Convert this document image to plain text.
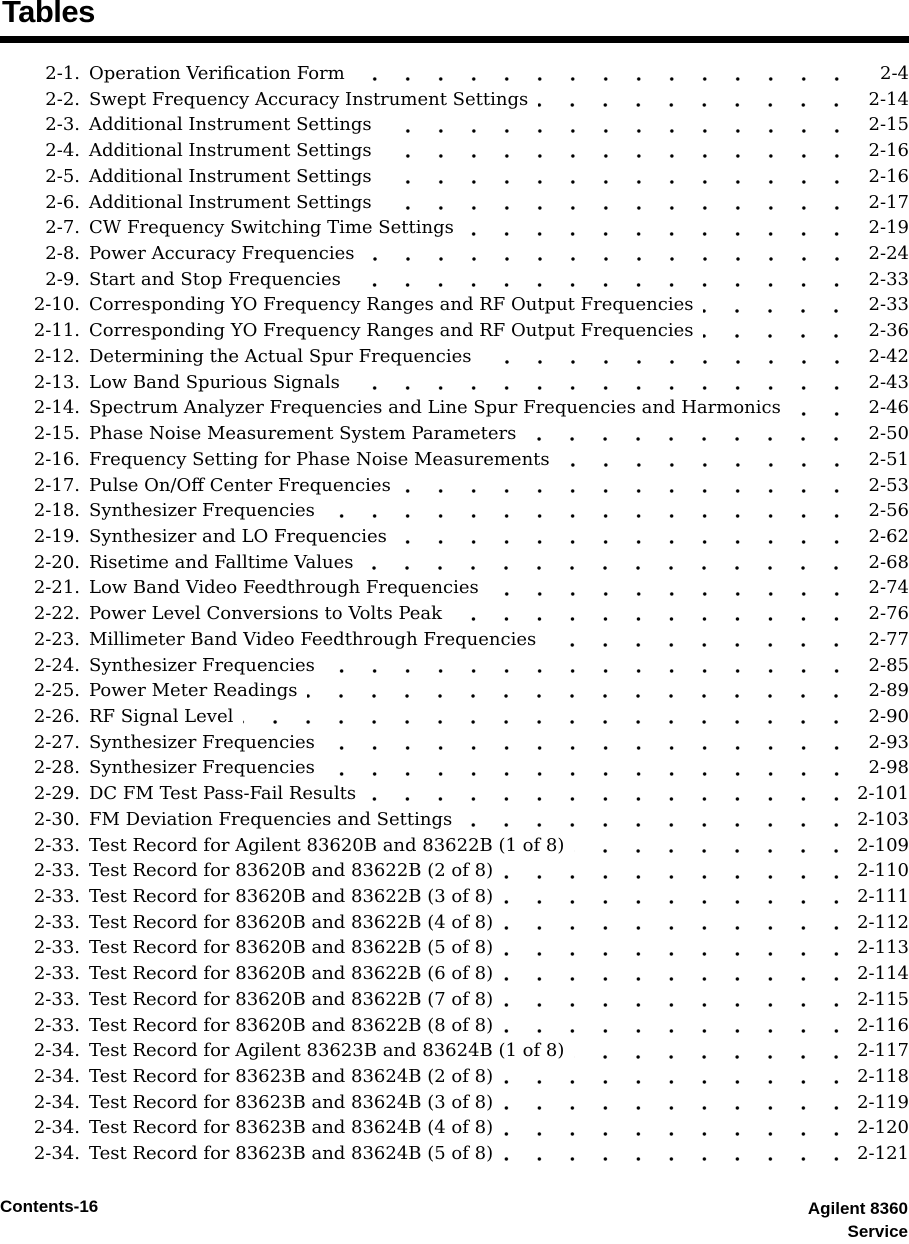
Tables
2-1. Operation Verification Form	2-4
2-2. Swept Frequency Accuracy Instrument Settings	2-14
2-3. Additional Instrument Settings	2-15
2-4. Additional Instrument Settings	2-16
2-5. Additional Instrument Settings	2-16
2-6. Additional Instrument Settings	2-17
2-7. CW Frequency Switching Time Settings	2-19
2-8. Power Accuracy Frequencies	2-24
2-9. Start and Stop Frequencies	2-33
2-10. Corresponding YO Frequency Ranges and RF Output Frequencies	2-33
2-11. Corresponding YO Frequency Ranges and RF Output Frequencies	2-36
2-12. Determining the Actual Spur Frequencies	2-42
2-13. Low Band Spurious Signals	2-43
2-14. Spectrum Analyzer Frequencies and Line Spur Frequencies and Harmonics	2-46
2-15. Phase Noise Measurement System Parameters	2-50
2-16. Frequency Setting for Phase Noise Measurements	2-51
2-17. Pulse On/Off Center Frequencies	2-53
2-18. Synthesizer Frequencies	2-56
2-19. Synthesizer and LO Frequencies	2-62
2-20. Risetime and Falltime Values	2-68
2-21. Low Band Video Feedthrough Frequencies	2-74
2-22. Power Level Conversions to Volts Peak	2-76
2-23. Millimeter Band Video Feedthrough Frequencies	2-77
2-24. Synthesizer Frequencies	2-85
2-25. Power Meter Readings	2-89
2-26. RF Signal Level	2-90
2-27. Synthesizer Frequencies	2-93
2-28. Synthesizer Frequencies	2-98
2-29. DC FM Test Pass-Fail Results	2-101
2-30. FM Deviation Frequencies and Settings	2-103
2-33. Test Record for Agilent 83620B and 83622B (1 of 8)	2-109
2-33. Test Record for 83620B and 83622B (2 of 8)	2-110
2-33. Test Record for 83620B and 83622B (3 of 8)	2-111
2-33. Test Record for 83620B and 83622B (4 of 8)	2-112
2-33. Test Record for 83620B and 83622B (5 of 8)	2-113
2-33. Test Record for 83620B and 83622B (6 of 8)	2-114
2-33. Test Record for 83620B and 83622B (7 of 8)	2-115
2-33. Test Record for 83620B and 83622B (8 of 8)	2-116
2-34. Test Record for Agilent 83623B and 83624B (1 of 8)	2-117
2-34. Test Record for 83623B and 83624B (2 of 8)	2-118
2-34. Test Record for 83623B and 83624B (3 of 8)	2-119
2-34. Test Record for 83623B and 83624B (4 of 8)	2-120
2-34. Test Record for 83623B and 83624B (5 of 8)	2-121
Contents-16	Agilent 8360
Service
